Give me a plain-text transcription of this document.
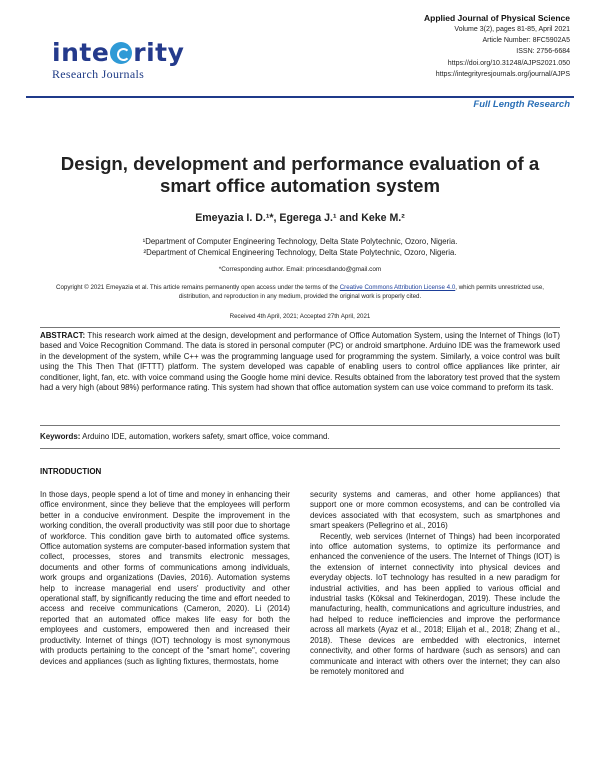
inte rity
Research Journals
Applied Journal of Physical Science
Volume 3(2), pages 81-85, April 2021
Article Number: 8FC5902A5
ISSN: 2756-6684
https://doi.org/10.31248/AJPS2021.050
https://integrityresjournals.org/journal/AJPS
Full Length Research
Design, development and performance evaluation of a smart office automation system
Emeyazia I. D.¹*, Egerega J.¹ and Keke M.²
¹Department of Computer Engineering Technology, Delta State Polytechnic, Ozoro, Nigeria.
²Department of Chemical Engineering Technology, Delta State Polytechnic, Ozoro, Nigeria.
*Corresponding author. Email: princesdlando@gmail.com
Copyright © 2021 Emeyazia et al. This article remains permanently open access under the terms of the Creative Commons Attribution License 4.0, which permits unrestricted use, distribution, and reproduction in any medium, provided the original work is properly cited.
Received 4th April, 2021; Accepted 27th April, 2021
ABSTRACT: This research work aimed at the design, development and performance of Office Automation System, using the Internet of Things (IoT) based and Voice Recognition Command. The data is stored in personal computer (PC) or android smartphone. Arduino IDE was the framework used in the development of the system, while C++ was the programming language used for programming the system. Similarly, a voice control was built using the This Then That (IFTTT) platform. The system developed was capable of enabling users to control office appliances like printer, air conditioner, light, fan, etc. with voice command using the Google home mini device. Results obtained from the laboratory test proved that the system had a very high (about 98%) performance rating. This system had shown that office automation system can use voice command to preform its task.
Keywords: Arduino IDE, automation, workers safety, smart office, voice command.
INTRODUCTION

In those days, people spend a lot of time and money in enhancing their office environment, since they believe that the employees will perform better in a conducive environment. Despite the improvement in the working condition, the overall productivity was still poor due to shortage of workforce. This condition gave birth to automated office systems. Office automation systems are computer-based information system that collect, processes, stores and transmits electronic messages, documents and other forms of communications among individuals, work groups and organizations (Davies, 2016). Automation systems help to increase managerial end users' productivity and other operational staff, by significantly reducing the time and effort needed to access and receive communications (Cameron, 2020). Li (2014) reported that an automated office makes life easy for both the employees and customers, empowered then and increased their productivity. Internet of things (IOT) technology is most synonymous with products pertaining to the concept of the "smart home", covering devices and appliances (such as lighting fixtures, thermostats, home

security systems and cameras, and other home appliances) that support one or more common ecosystems, and can be controlled via devices associated with that ecosystem, such as smartphones and smart speakers (Pellegrino et al., 2016)

Recently, web services (Internet of Things) had been incorporated into office automation systems, to optimize its performance and enhanced the convenience of the users. The Internet of Things (IOT) is the extension of internet connectivity into physical devices and everyday objects. IoT technology has resulted in a new paradigm for industrial activities, and has been applied to various official and industrial tasks (Köksal and Tekinerdogan, 2019). These include the manufacturing, health, communications and agriculture industries, and had helped to reduce inefficiencies and improve the performance across all markets (Ayaz et al., 2018; Elijah et al., 2018; Zhang et al., 2018). These devices are embedded with electronics, internet connectivity, and other forms of hardware (such as sensors) and can communicate and interact with others over the internet; they can also be remotely monitored and
